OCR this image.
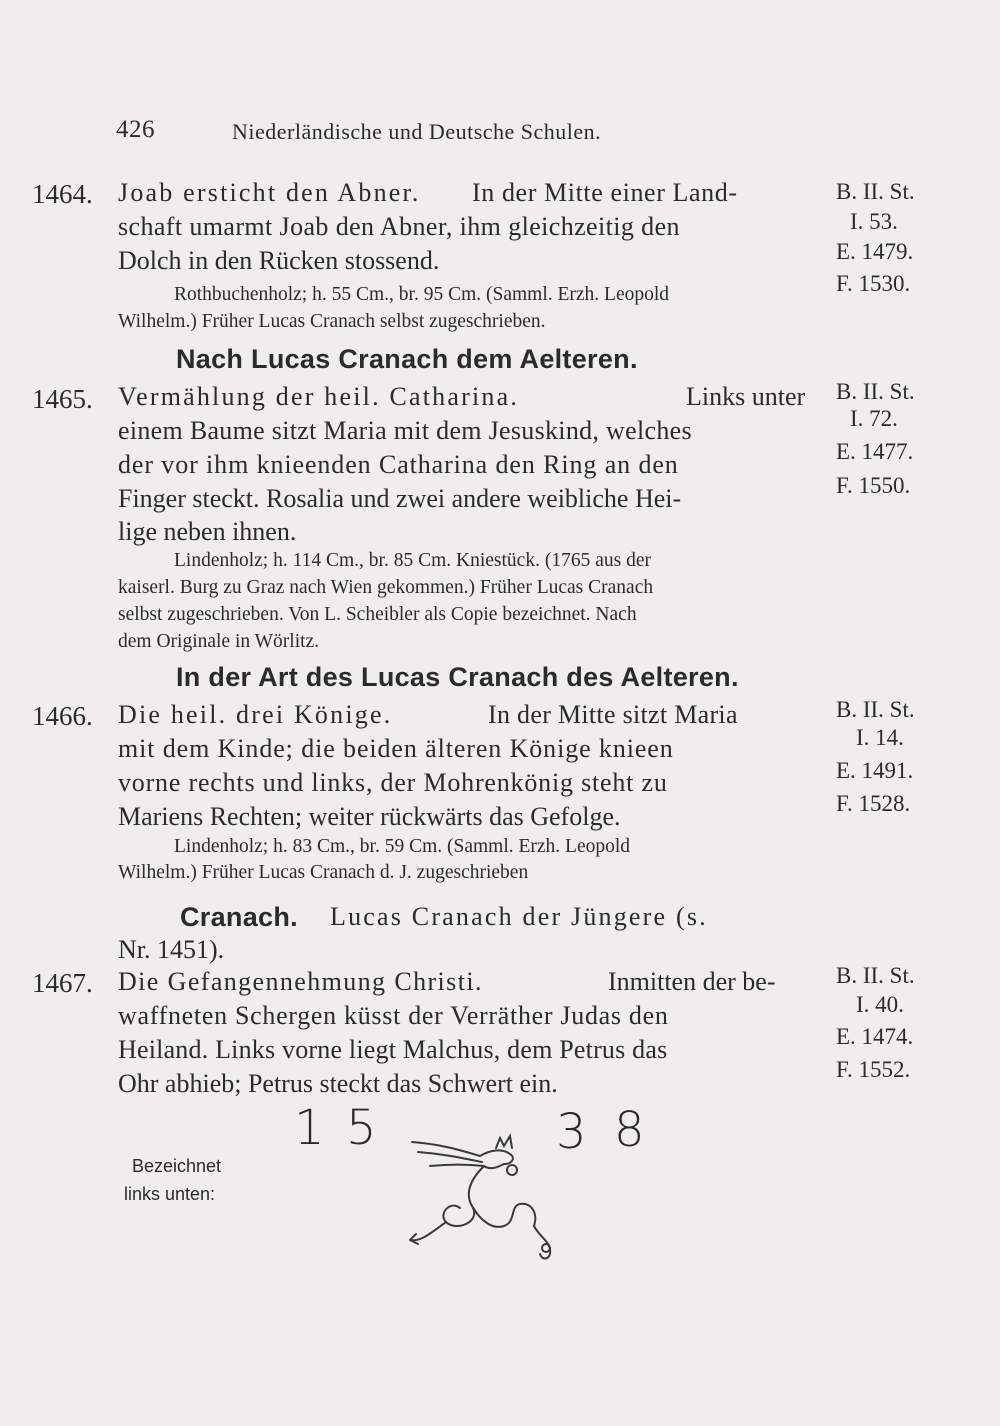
426	Niederländische und Deutsche Schulen.
1464. Joab ersticht den Abner. In der Mitte einer Land-
schaft umarmt Joab den Abner, ihm gleichzeitig den
Dolch in den Rücken stossend.
Rothbuchenholz; h. 55 Cm., br. 95 Cm. (Samml. Erzh. Leopold
Wilhelm.) Früher Lucas Cranach selbst zugeschrieben.
B. II. St.
I. 53.
E. 1479.
F. 1530.
Nach Lucas Cranach dem Aelteren.
1465. Vermählung der heil. Catharina.	Links unter
einem Baume sitzt Maria mit dem Jesuskind, welches
der vor ihm knieenden Catharina den Ring an den
Finger steckt. Rosalia und zwei andere weibliche Hei-
lige neben ihnen.
Lindenholz; h. 114 Cm., br. 85 Cm. Kniestück. (1765 aus der
kaiserl. Burg zu Graz nach Wien gekommen.) Früher Lucas Cranach
selbst zugeschrieben. Von L. Scheibler als Copie bezeichnet. Nach
dem Originale in Wörlitz.
B. II. St.
I. 72.
E. 1477.
F. 1550.
In der Art des Lucas Cranach des Aelteren.
1466. Die heil. drei Könige.	In der Mitte sitzt Maria
mit dem Kinde; die beiden älteren Könige knieen
vorne rechts und links, der Mohrenkönig steht zu
Mariens Rechten; weiter rückwärts das Gefolge.
Lindenholz; h. 83 Cm., br. 59 Cm. (Samml. Erzh. Leopold
Wilhelm.) Früher Lucas Cranach d. J. zugeschrieben
B. II. St.
I. 14.
E. 1491.
F. 1528.
Cranach. Lucas Cranach der Jüngere (s.
Nr. 1451).
1467. Die Gefangennehmung Christi.	Inmitten der be-
waffneten Schergen küsst der Verräther Judas den
Heiland. Links vorne liegt Malchus, dem Petrus das
Ohr abhieb; Petrus steckt das Schwert ein.
B. II. St.
I. 40.
E. 1474.
F. 1552.
Bezeichnet
links unten:
1 5	3 8
